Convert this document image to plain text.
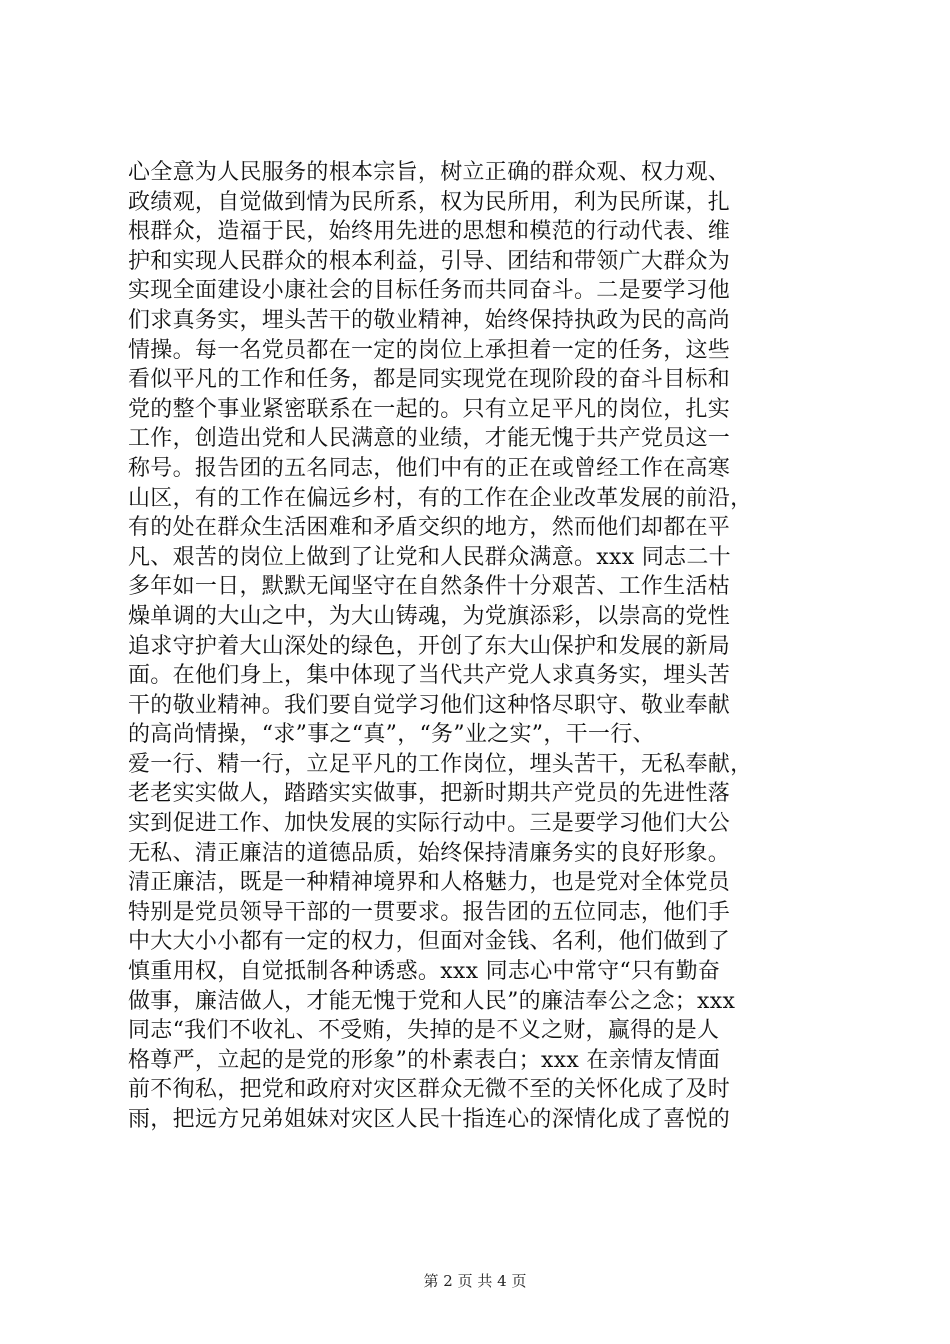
心全意为人民服务的根本宗旨，树立正确的群众观、权力观、
政绩观，自觉做到情为民所系，权为民所用，利为民所谋，扎
根群众，造福于民，始终用先进的思想和模范的行动代表、维
护和实现人民群众的根本利益，引导、团结和带领广大群众为
实现全面建设小康社会的目标任务而共同奋斗。二是要学习他
们求真务实，埋头苦干的敬业精神，始终保持执政为民的高尚
情操。每一名党员都在一定的岗位上承担着一定的任务，这些
看似平凡的工作和任务，都是同实现党在现阶段的奋斗目标和
党的整个事业紧密联系在一起的。只有立足平凡的岗位，扎实
工作，创造出党和人民满意的业绩，才能无愧于共产党员这一
称号。报告团的五名同志，他们中有的正在或曾经工作在高寒
山区，有的工作在偏远乡村，有的工作在企业改革发展的前沿，
有的处在群众生活困难和矛盾交织的地方，然而他们却都在平
凡、艰苦的岗位上做到了让党和人民群众满意。xxx 同志二十
多年如一日，默默无闻坚守在自然条件十分艰苦、工作生活枯
燥单调的大山之中，为大山铸魂，为党旗添彩，以崇高的党性
追求守护着大山深处的绿色，开创了东大山保护和发展的新局
面。在他们身上，集中体现了当代共产党人求真务实，埋头苦
干的敬业精神。我们要自觉学习他们这种恪尽职守、敬业奉献
的高尚情操，“求”事之“真”，“务”业之实”，干一行、
爱一行、精一行，立足平凡的工作岗位，埋头苦干，无私奉献，
老老实实做人，踏踏实实做事，把新时期共产党员的先进性落
实到促进工作、加快发展的实际行动中。三是要学习他们大公
无私、清正廉洁的道德品质，始终保持清廉务实的良好形象。
清正廉洁，既是一种精神境界和人格魅力，也是党对全体党员
特别是党员领导干部的一贯要求。报告团的五位同志，他们手
中大大小小都有一定的权力，但面对金钱、名利，他们做到了
慎重用权，自觉抵制各种诱惑。xxx 同志心中常守“只有勤奋
做事，廉洁做人，才能无愧于党和人民”的廉洁奉公之念；xxx
同志“我们不收礼、不受贿，失掉的是不义之财，赢得的是人
格尊严，立起的是党的形象”的朴素表白；xxx 在亲情友情面
前不徇私，把党和政府对灾区群众无微不至的关怀化成了及时
雨，把远方兄弟姐妹对灾区人民十指连心的深情化成了喜悦的
第 2 页 共 4 页
